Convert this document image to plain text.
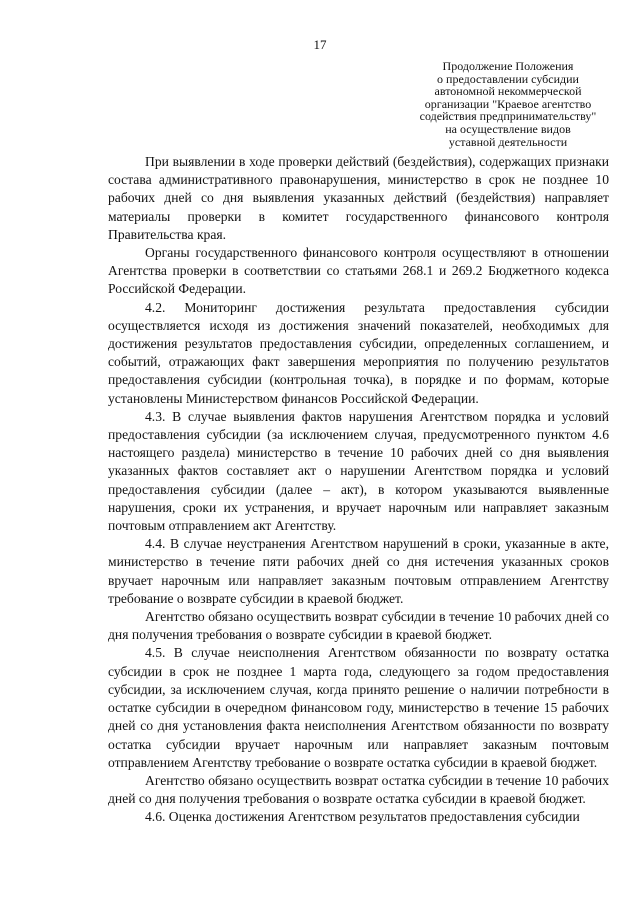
17
Продолжение Положения
о предоставлении субсидии
автономной некоммерческой
организации "Краевое агентство
содействия предпринимательству"
на осуществление видов
уставной деятельности

При выявлении в ходе проверки действий (бездействия), содержащих признаки состава административного правонарушения, министерство в срок не позднее 10 рабочих дней со дня выявления указанных действий (бездействия) направляет материалы проверки в комитет государственного финансового контроля Правительства края.

Органы государственного финансового контроля осуществляют в отношении Агентства проверки в соответствии со статьями 268.1 и 269.2 Бюджетного кодекса Российской Федерации.

4.2. Мониторинг достижения результата предоставления субсидии осуществляется исходя из достижения значений показателей, необходимых для достижения результатов предоставления субсидии, определенных соглашением, и событий, отражающих факт завершения мероприятия по получению результатов предоставления субсидии (контрольная точка), в порядке и по формам, которые установлены Министерством финансов Российской Федерации.

4.3. В случае выявления фактов нарушения Агентством порядка и условий предоставления субсидии (за исключением случая, предусмотренного пунктом 4.6 настоящего раздела) министерство в течение 10 рабочих дней со дня выявления указанных фактов составляет акт о нарушении Агентством порядка и условий предоставления субсидии (далее – акт), в котором указываются выявленные нарушения, сроки их устранения, и вручает нарочным или направляет заказным почтовым отправлением акт Агентству.

4.4. В случае неустранения Агентством нарушений в сроки, указанные в акте, министерство в течение пяти рабочих дней со дня истечения указанных сроков вручает нарочным или направляет заказным почтовым отправлением Агентству требование о возврате субсидии в краевой бюджет.

Агентство обязано осуществить возврат субсидии в течение 10 рабочих дней со дня получения требования о возврате субсидии в краевой бюджет.

4.5. В случае неисполнения Агентством обязанности по возврату остатка субсидии в срок не позднее 1 марта года, следующего за годом предоставления субсидии, за исключением случая, когда принято решение о наличии потребности в остатке субсидии в очередном финансовом году, министерство в течение 15 рабочих дней со дня установления факта неисполнения Агентством обязанности по возврату остатка субсидии вручает нарочным или направляет заказным почтовым отправлением Агентству требование о возврате остатка субсидии в краевой бюджет.

Агентство обязано осуществить возврат остатка субсидии в течение 10 рабочих дней со дня получения требования о возврате остатка субсидии в краевой бюджет.

4.6. Оценка достижения Агентством результатов предоставления субсидии
